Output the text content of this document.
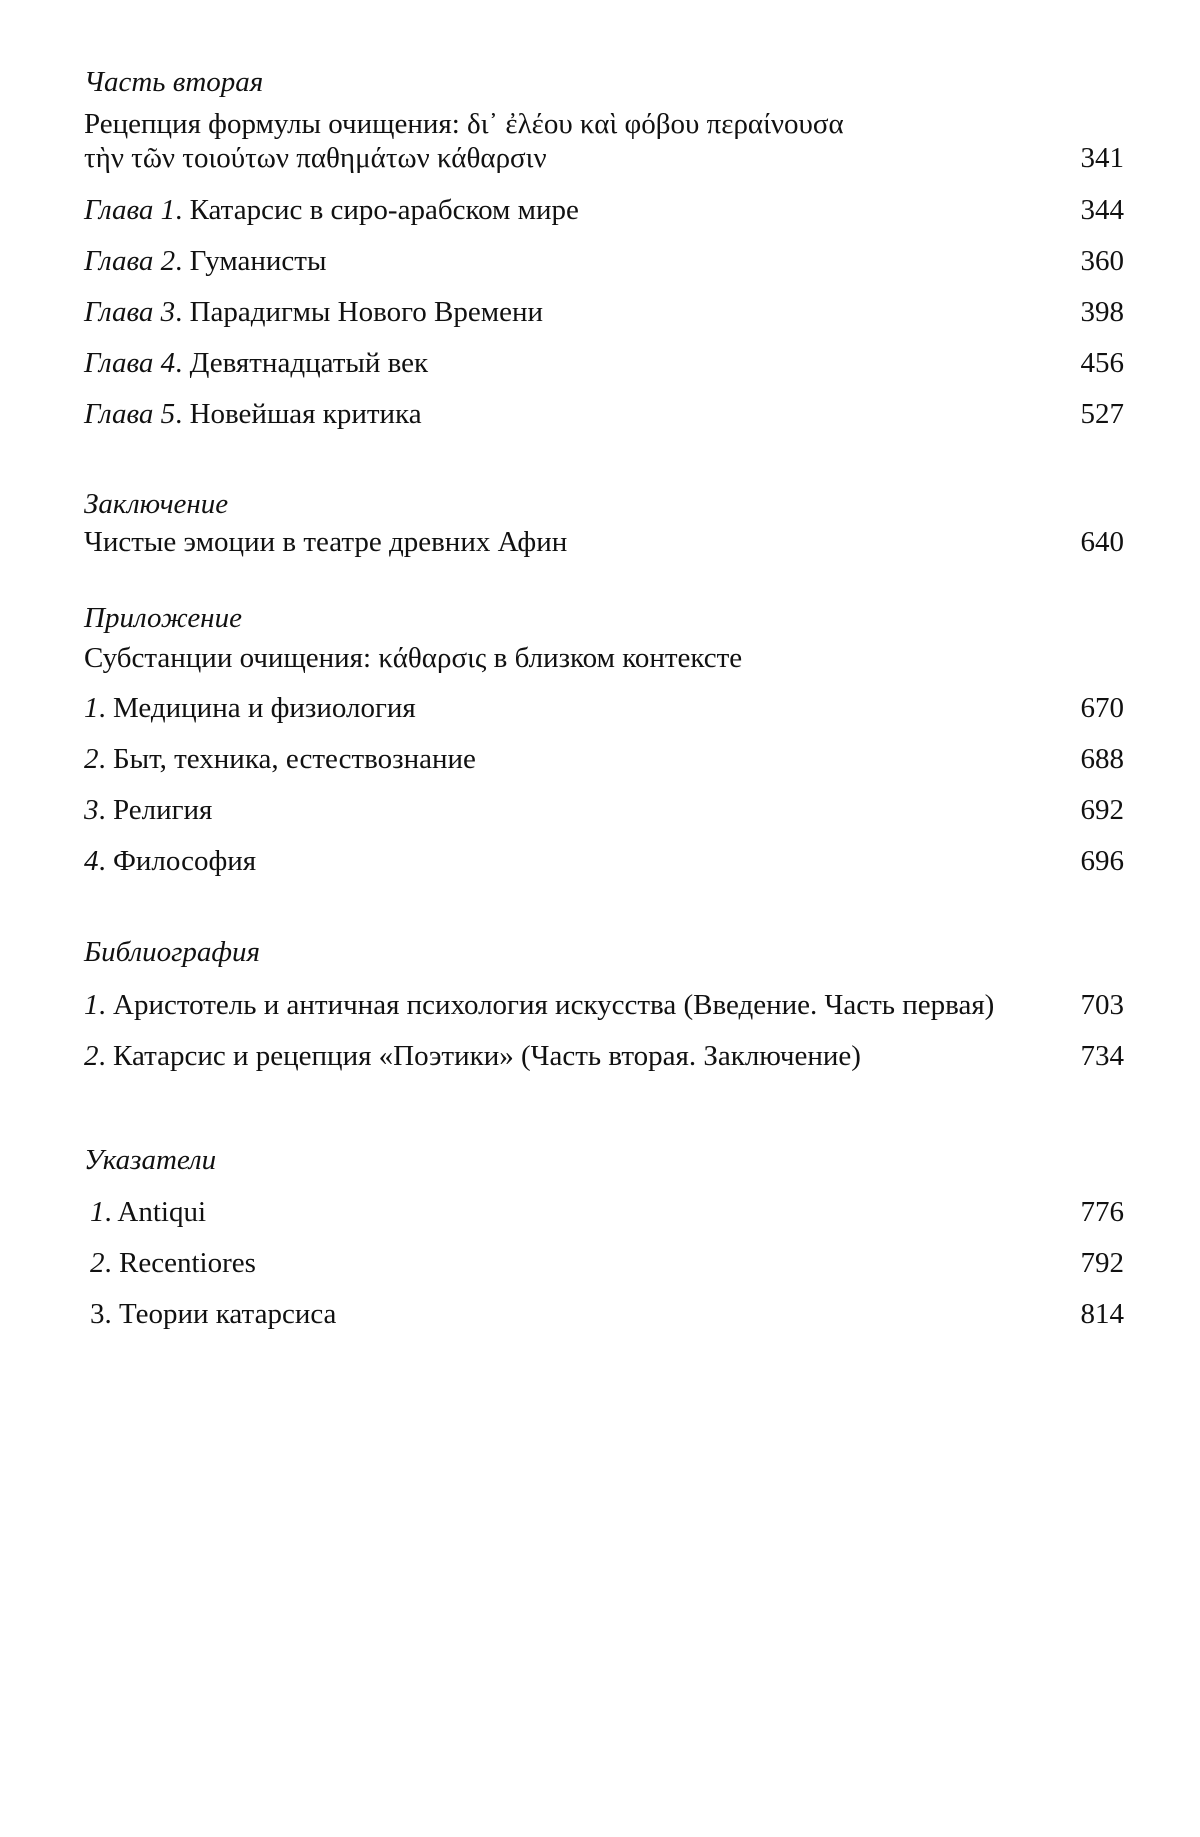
Часть вторая
Рецепция формулы очищения: δι᾽ ἐλέου καὶ φόβου περαίνουσα
τὴν τῶν τοιούτων παθημάτων κάθαρσιν	341
Глава 1. Катарсис в сиро-арабском мире	344
Глава 2. Гуманисты	360
Глава 3. Парадигмы Нового Времени	398
Глава 4. Девятнадцатый век	456
Глава 5. Новейшая критика	527
Заключение
Чистые эмоции в театре древних Афин	640
Приложение
Субстанции очищения: κάθαρσις в близком контексте
1. Медицина и физиология	670
2. Быт, техника, естествознание	688
3. Религия	692
4. Философия	696
Библиография
1. Аристотель и античная психология искусства (Введение. Часть первая)	703
2. Катарсис и рецепция «Поэтики» (Часть вторая. Заключение)	734
Указатели
1. Antiqui	776
2. Recentiores	792
3. Теории катарсиса	814
